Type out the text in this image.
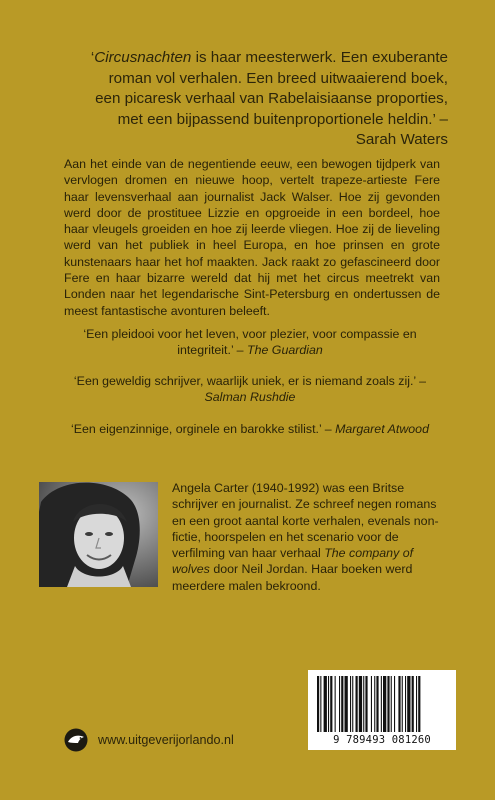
‘Circusnachten is haar meesterwerk. Een exuberante roman vol verhalen. Een breed uitwaaierend boek, een picaresk verhaal van Rabelaisiaanse proporties, met een bijpassend buitenproportionele heldin.’ – Sarah Waters
Aan het einde van de negentiende eeuw, een bewogen tijdperk van vervlogen dromen en nieuwe hoop, vertelt trapeze-artieste Fere haar levensverhaal aan journalist Jack Walser. Hoe zij gevonden werd door de prostituee Lizzie en opgroeide in een bordeel, hoe haar vleugels groeiden en hoe zij leerde vliegen. Hoe zij de lieveling werd van het publiek in heel Europa, en hoe prinsen en grote kunstenaars haar het hof maakten. Jack raakt zo gefascineerd door Fere en haar bizarre wereld dat hij met het circus meetrekt van Londen naar het legendarische Sint-Petersburg en ondertussen de meest fantastische avonturen beleeft.
‘Een pleidooi voor het leven, voor plezier, voor compassie en integriteit.’ – The Guardian
‘Een geweldig schrijver, waarlijk uniek, er is niemand zoals zij.’ – Salman Rushdie
‘Een eigenzinnige, orginele en barokke stilist.’ – Margaret Atwood
Angela Carter (1940-1992) was een Britse schrijver en journalist. Ze schreef negen romans en een groot aantal korte verhalen, evenals non-fictie, hoorspelen en het scenario voor de verfilming van haar verhaal The company of wolves door Neil Jordan. Haar boeken werd meerdere malen bekroond.
9 789493 081260
www.uitgeverijorlando.nl
